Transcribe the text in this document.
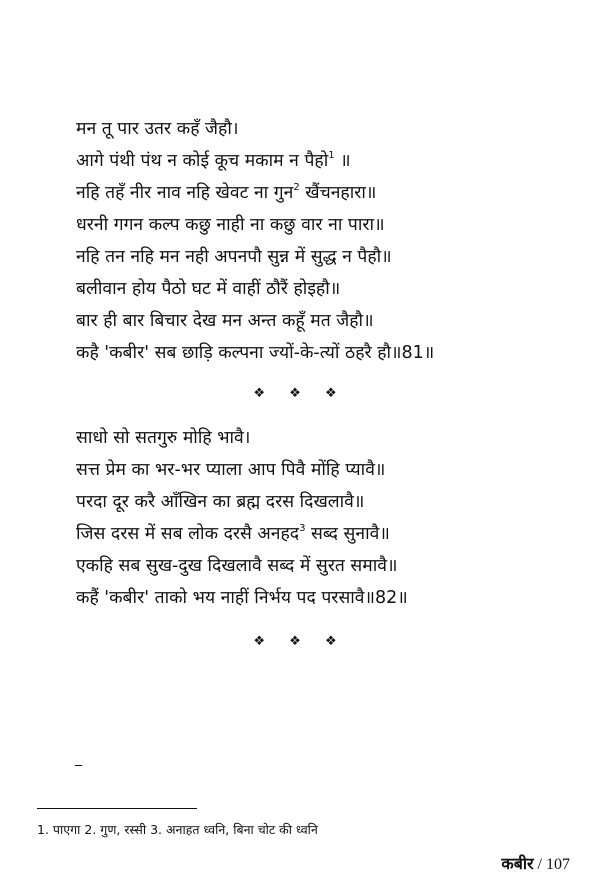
मन तू पार उतर कहँ जैहौ।
आगे पंथी पंथ न कोई कूच मकाम न पैहो$^1$ ॥
नहि तहँ नीर नाव नहि खेवट ना गुन$^2$ खैंचनहारा॥
धरनी गगन कल्प कछु नाही ना कछु वार ना पारा॥
नहि तन नहि मन नही अपनपौ सुन्न में सुद्ध न पैहौ॥
बलीवान होय पैठो घट में वाहीं ठौरैं होइहौ॥
बार ही बार बिचार देख मन अन्त कहूँ मत जैहौ॥
कहै 'कबीर' सब छाड़ि कल्पना ज्यों-के-त्यों ठहरै हौ॥81॥
❖ ❖ ❖
साधो सो सतगुरु मोहि भावै।
सत्त प्रेम का भर-भर प्याला आप पिवै मोंहि प्यावै॥
परदा दूर करै आँखिन का ब्रह्म दरस दिखलावै॥
जिस दरस में सब लोक दरसै अनहद$^3$ सब्द सुनावै॥
एकहि सब सुख-दुख दिखलावै सब्द में सुरत समावै॥
कहैं 'कबीर' ताको भय नाहीं निर्भय पद परसावै॥82॥
❖ ❖ ❖
ꣻ
1. पाएगा 2. गुण, रस्सी 3. अनाहत ध्वनि, बिना चोट की ध्वनि
कबीर / 107
